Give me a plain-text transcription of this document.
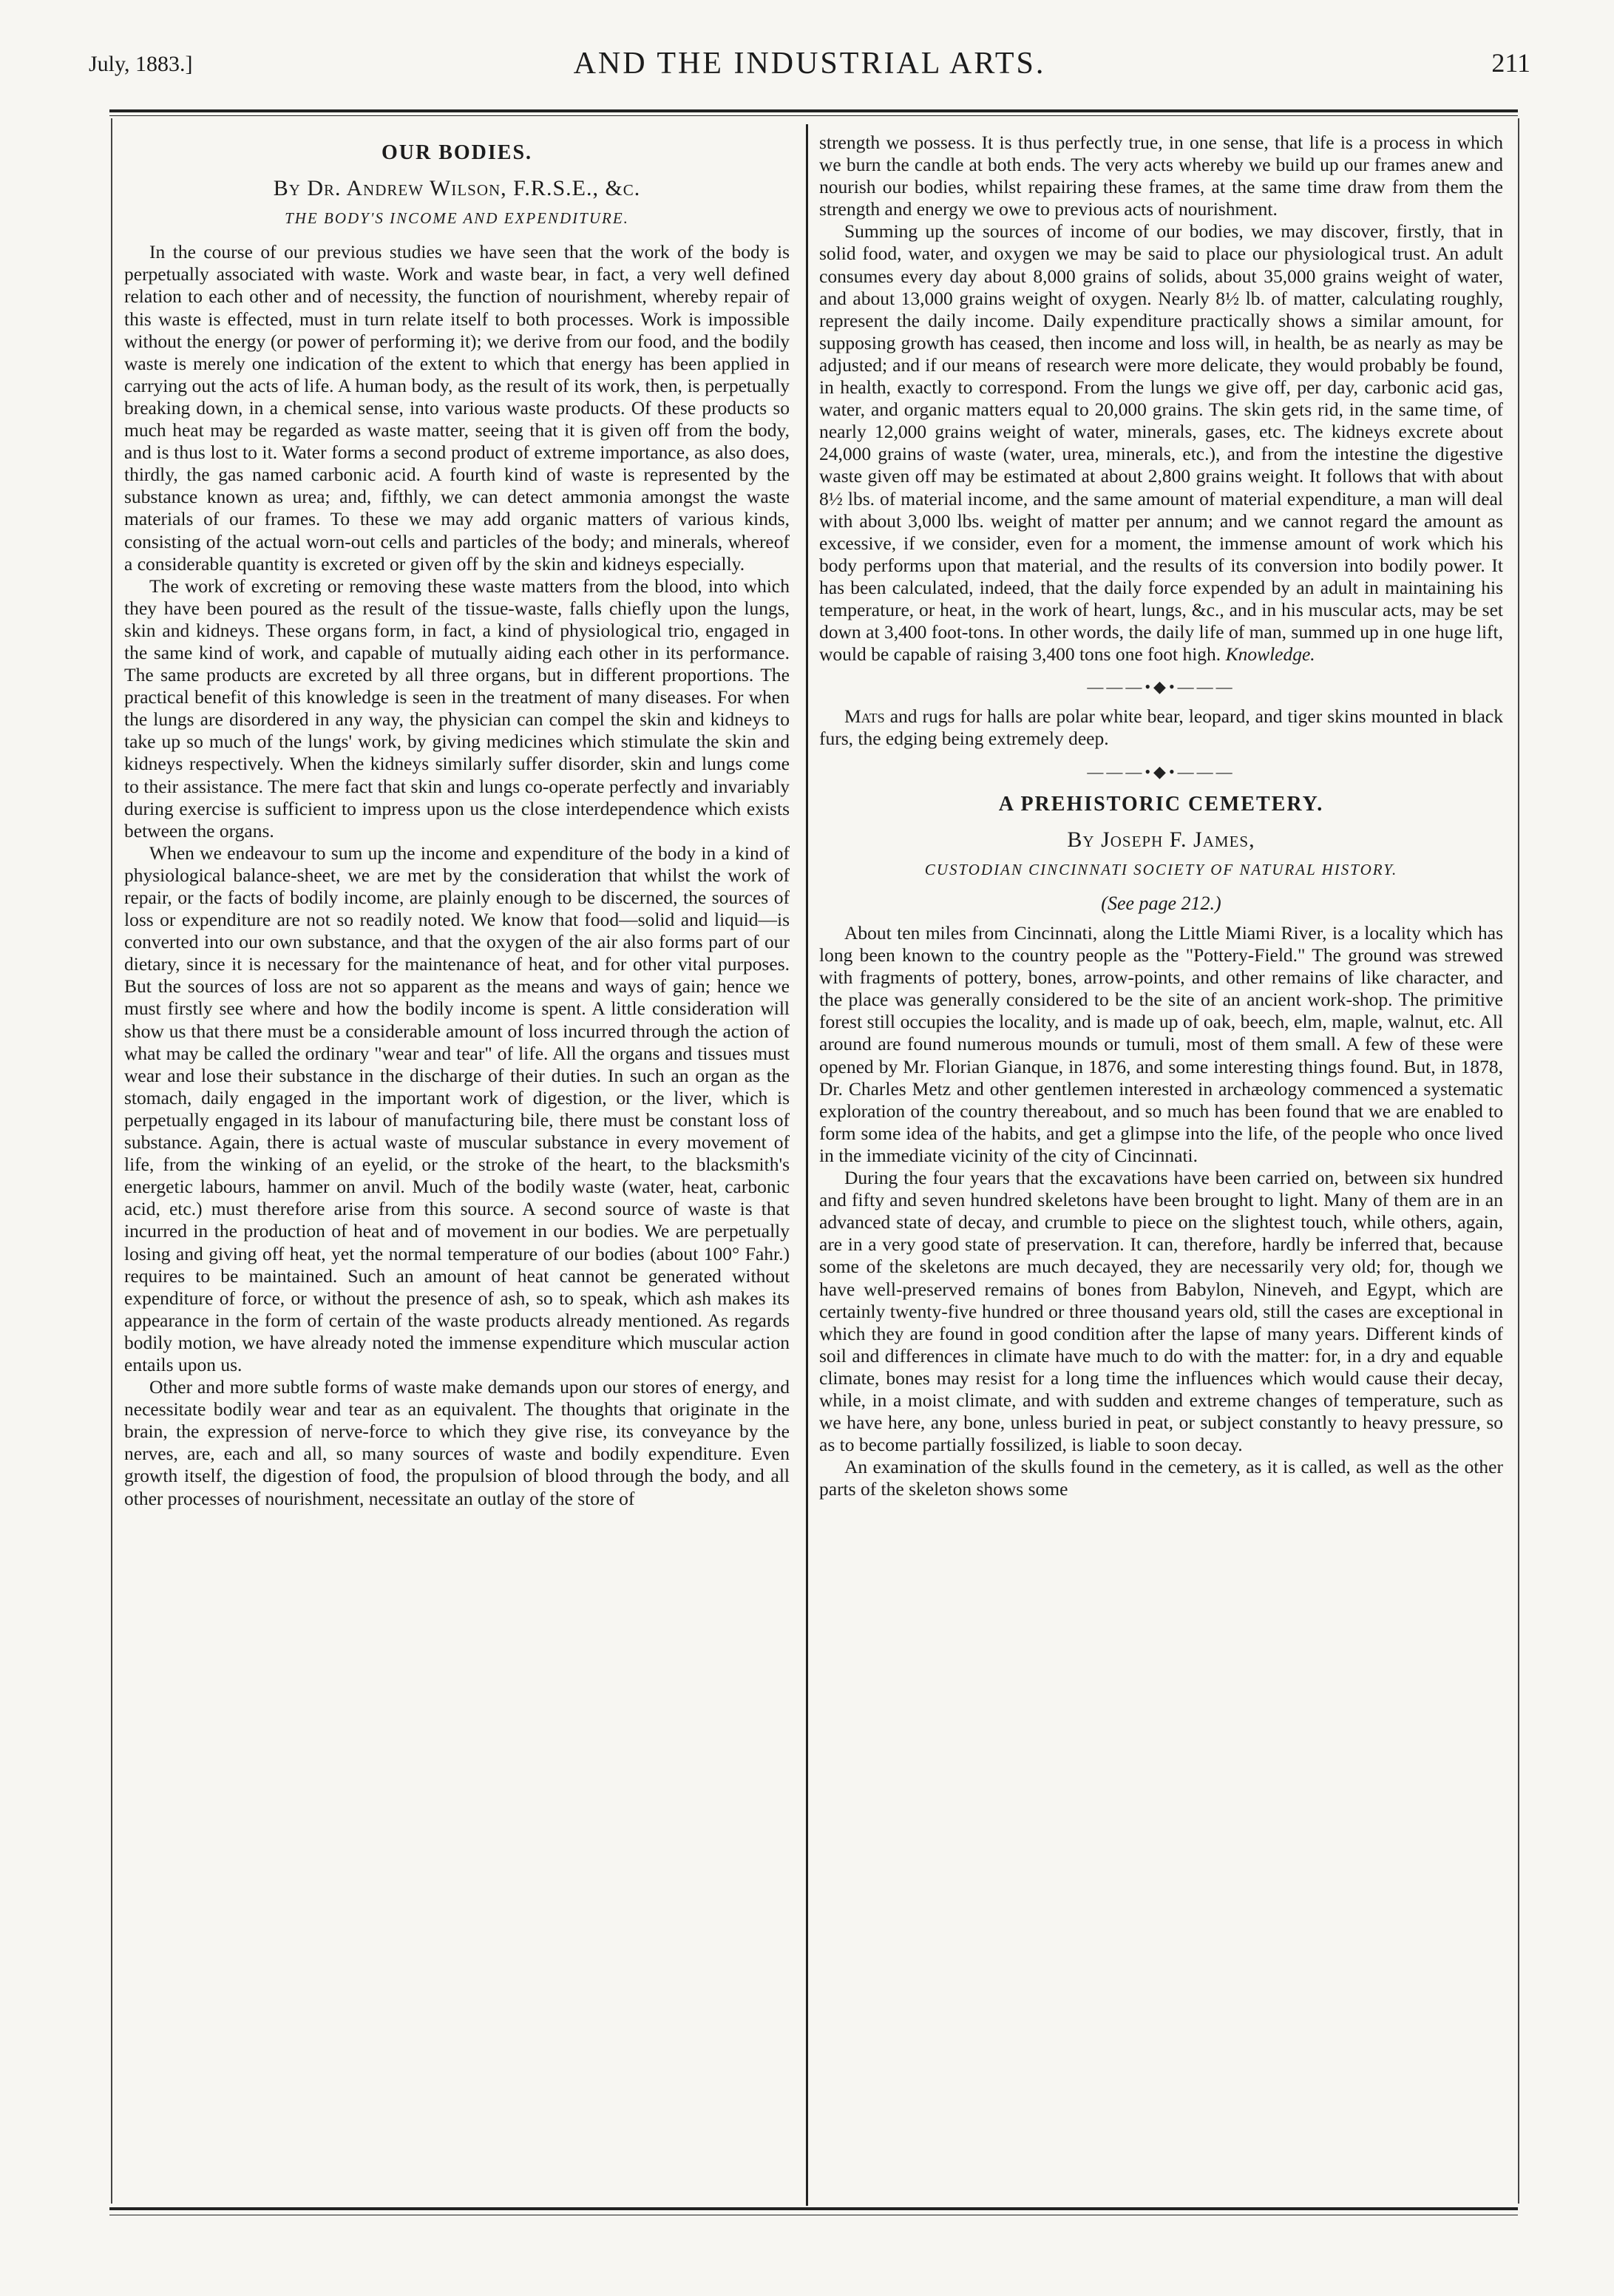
July, 1883.]	AND THE INDUSTRIAL ARTS.	211
OUR BODIES.
By Dr. Andrew Wilson, F.R.S.E., &c.
THE BODY'S INCOME AND EXPENDITURE.

In the course of our previous studies we have seen that the work of the body is perpetually associated with waste. Work and waste bear, in fact, a very well defined relation to each other and of necessity, the function of nourishment, whereby repair of this waste is effected, must in turn relate itself to both processes. Work is impossible without the energy (or power of performing it); we derive from our food, and the bodily waste is merely one indication of the extent to which that energy has been applied in carrying out the acts of life. A human body, as the result of its work, then, is perpetually breaking down, in a chemical sense, into various waste products. Of these products so much heat may be regarded as waste matter, seeing that it is given off from the body, and is thus lost to it. Water forms a second product of extreme importance, as also does, thirdly, the gas named carbonic acid. A fourth kind of waste is represented by the substance known as urea; and, fifthly, we can detect ammonia amongst the waste materials of our frames. To these we may add organic matters of various kinds, consisting of the actual worn-out cells and particles of the body; and minerals, whereof a considerable quantity is excreted or given off by the skin and kidneys especially.

The work of excreting or removing these waste matters from the blood, into which they have been poured as the result of the tissue-waste, falls chiefly upon the lungs, skin and kidneys. These organs form, in fact, a kind of physiological trio, engaged in the same kind of work, and capable of mutually aiding each other in its performance. The same products are excreted by all three organs, but in different proportions. The practical benefit of this knowledge is seen in the treatment of many diseases. For when the lungs are disordered in any way, the physician can compel the skin and kidneys to take up so much of the lungs' work, by giving medicines which stimulate the skin and kidneys respectively. When the kidneys similarly suffer disorder, skin and lungs come to their assistance. The mere fact that skin and lungs co-operate perfectly and invariably during exercise is sufficient to impress upon us the close interdependence which exists between the organs.

When we endeavour to sum up the income and expenditure of the body in a kind of physiological balance-sheet, we are met by the consideration that whilst the work of repair, or the facts of bodily income, are plainly enough to be discerned, the sources of loss or expenditure are not so readily noted. We know that food—solid and liquid—is converted into our own substance, and that the oxygen of the air also forms part of our dietary, since it is necessary for the maintenance of heat, and for other vital purposes. But the sources of loss are not so apparent as the means and ways of gain; hence we must firstly see where and how the bodily income is spent. A little consideration will show us that there must be a considerable amount of loss incurred through the action of what may be called the ordinary "wear and tear" of life. All the organs and tissues must wear and lose their substance in the discharge of their duties. In such an organ as the stomach, daily engaged in the important work of digestion, or the liver, which is perpetually engaged in its labour of manufacturing bile, there must be constant loss of substance. Again, there is actual waste of muscular substance in every movement of life, from the winking of an eyelid, or the stroke of the heart, to the blacksmith's energetic labours, hammer on anvil. Much of the bodily waste (water, heat, carbonic acid, etc.) must therefore arise from this source. A second source of waste is that incurred in the production of heat and of movement in our bodies. We are perpetually losing and giving off heat, yet the normal temperature of our bodies (about 100° Fahr.) requires to be maintained. Such an amount of heat cannot be generated without expenditure of force, or without the presence of ash, so to speak, which ash makes its appearance in the form of certain of the waste products already mentioned. As regards bodily motion, we have already noted the immense expenditure which muscular action entails upon us.

Other and more subtle forms of waste make demands upon our stores of energy, and necessitate bodily wear and tear as an equivalent. The thoughts that originate in the brain, the expression of nerve-force to which they give rise, its conveyance by the nerves, are, each and all, so many sources of waste and bodily expenditure. Even growth itself, the digestion of food, the propulsion of blood through the body, and all other processes of nourishment, necessitate an outlay of the store of

strength we possess. It is thus perfectly true, in one sense, that life is a process in which we burn the candle at both ends. The very acts whereby we build up our frames anew and nourish our bodies, whilst repairing these frames, at the same time draw from them the strength and energy we owe to previous acts of nourishment.

Summing up the sources of income of our bodies, we may discover, firstly, that in solid food, water, and oxygen we may be said to place our physiological trust. An adult consumes every day about 8,000 grains of solids, about 35,000 grains weight of water, and about 13,000 grains weight of oxygen. Nearly 8½ lb. of matter, calculating roughly, represent the daily income. Daily expenditure practically shows a similar amount, for supposing growth has ceased, then income and loss will, in health, be as nearly as may be adjusted; and if our means of research were more delicate, they would probably be found, in health, exactly to correspond. From the lungs we give off, per day, carbonic acid gas, water, and organic matters equal to 20,000 grains. The skin gets rid, in the same time, of nearly 12,000 grains weight of water, minerals, gases, etc. The kidneys excrete about 24,000 grains of waste (water, urea, minerals, etc.), and from the intestine the digestive waste given off may be estimated at about 2,800 grains weight. It follows that with about 8½ lbs. of material income, and the same amount of material expenditure, a man will deal with about 3,000 lbs. weight of matter per annum; and we cannot regard the amount as excessive, if we consider, even for a moment, the immense amount of work which his body performs upon that material, and the results of its conversion into bodily power. It has been calculated, indeed, that the daily force expended by an adult in maintaining his temperature, or heat, in the work of heart, lungs, &c., and in his muscular acts, may be set down at 3,400 foot-tons. In other words, the daily life of man, summed up in one huge lift, would be capable of raising 3,400 tons one foot high. Knowledge.

———•◆•———

Mats and rugs for halls are polar white bear, leopard, and tiger skins mounted in black furs, the edging being extremely deep.

———•◆•———
A PREHISTORIC CEMETERY.
By Joseph F. James,
CUSTODIAN CINCINNATI SOCIETY OF NATURAL HISTORY.
(See page 212.)

About ten miles from Cincinnati, along the Little Miami River, is a locality which has long been known to the country people as the "Pottery-Field." The ground was strewed with fragments of pottery, bones, arrow-points, and other remains of like character, and the place was generally considered to be the site of an ancient work-shop. The primitive forest still occupies the locality, and is made up of oak, beech, elm, maple, walnut, etc. All around are found numerous mounds or tumuli, most of them small. A few of these were opened by Mr. Florian Gianque, in 1876, and some interesting things found. But, in 1878, Dr. Charles Metz and other gentlemen interested in archæology commenced a systematic exploration of the country thereabout, and so much has been found that we are enabled to form some idea of the habits, and get a glimpse into the life, of the people who once lived in the immediate vicinity of the city of Cincinnati.

During the four years that the excavations have been carried on, between six hundred and fifty and seven hundred skeletons have been brought to light. Many of them are in an advanced state of decay, and crumble to piece on the slightest touch, while others, again, are in a very good state of preservation. It can, therefore, hardly be inferred that, because some of the skeletons are much decayed, they are necessarily very old; for, though we have well-preserved remains of bones from Babylon, Nineveh, and Egypt, which are certainly twenty-five hundred or three thousand years old, still the cases are exceptional in which they are found in good condition after the lapse of many years. Different kinds of soil and differences in climate have much to do with the matter: for, in a dry and equable climate, bones may resist for a long time the influences which would cause their decay, while, in a moist climate, and with sudden and extreme changes of temperature, such as we have here, any bone, unless buried in peat, or subject constantly to heavy pressure, so as to become partially fossilized, is liable to soon decay.

An examination of the skulls found in the cemetery, as it is called, as well as the other parts of the skeleton shows some
